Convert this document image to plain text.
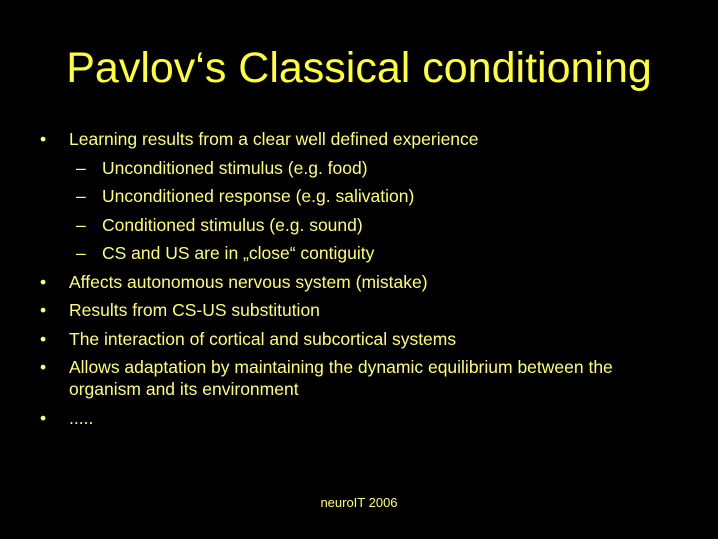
Pavlov‘s Classical conditioning
• Learning results from a clear well defined experience
– Unconditioned stimulus (e.g. food)
– Unconditioned response (e.g. salivation)
– Conditioned stimulus (e.g. sound)
– CS and US are in „close“ contiguity
• Affects autonomous nervous system (mistake)
• Results from CS-US substitution
• The interaction of cortical and subcortical systems
• Allows adaptation by maintaining the dynamic equilibrium between the organism and its environment
• .....
neuroIT 2006
